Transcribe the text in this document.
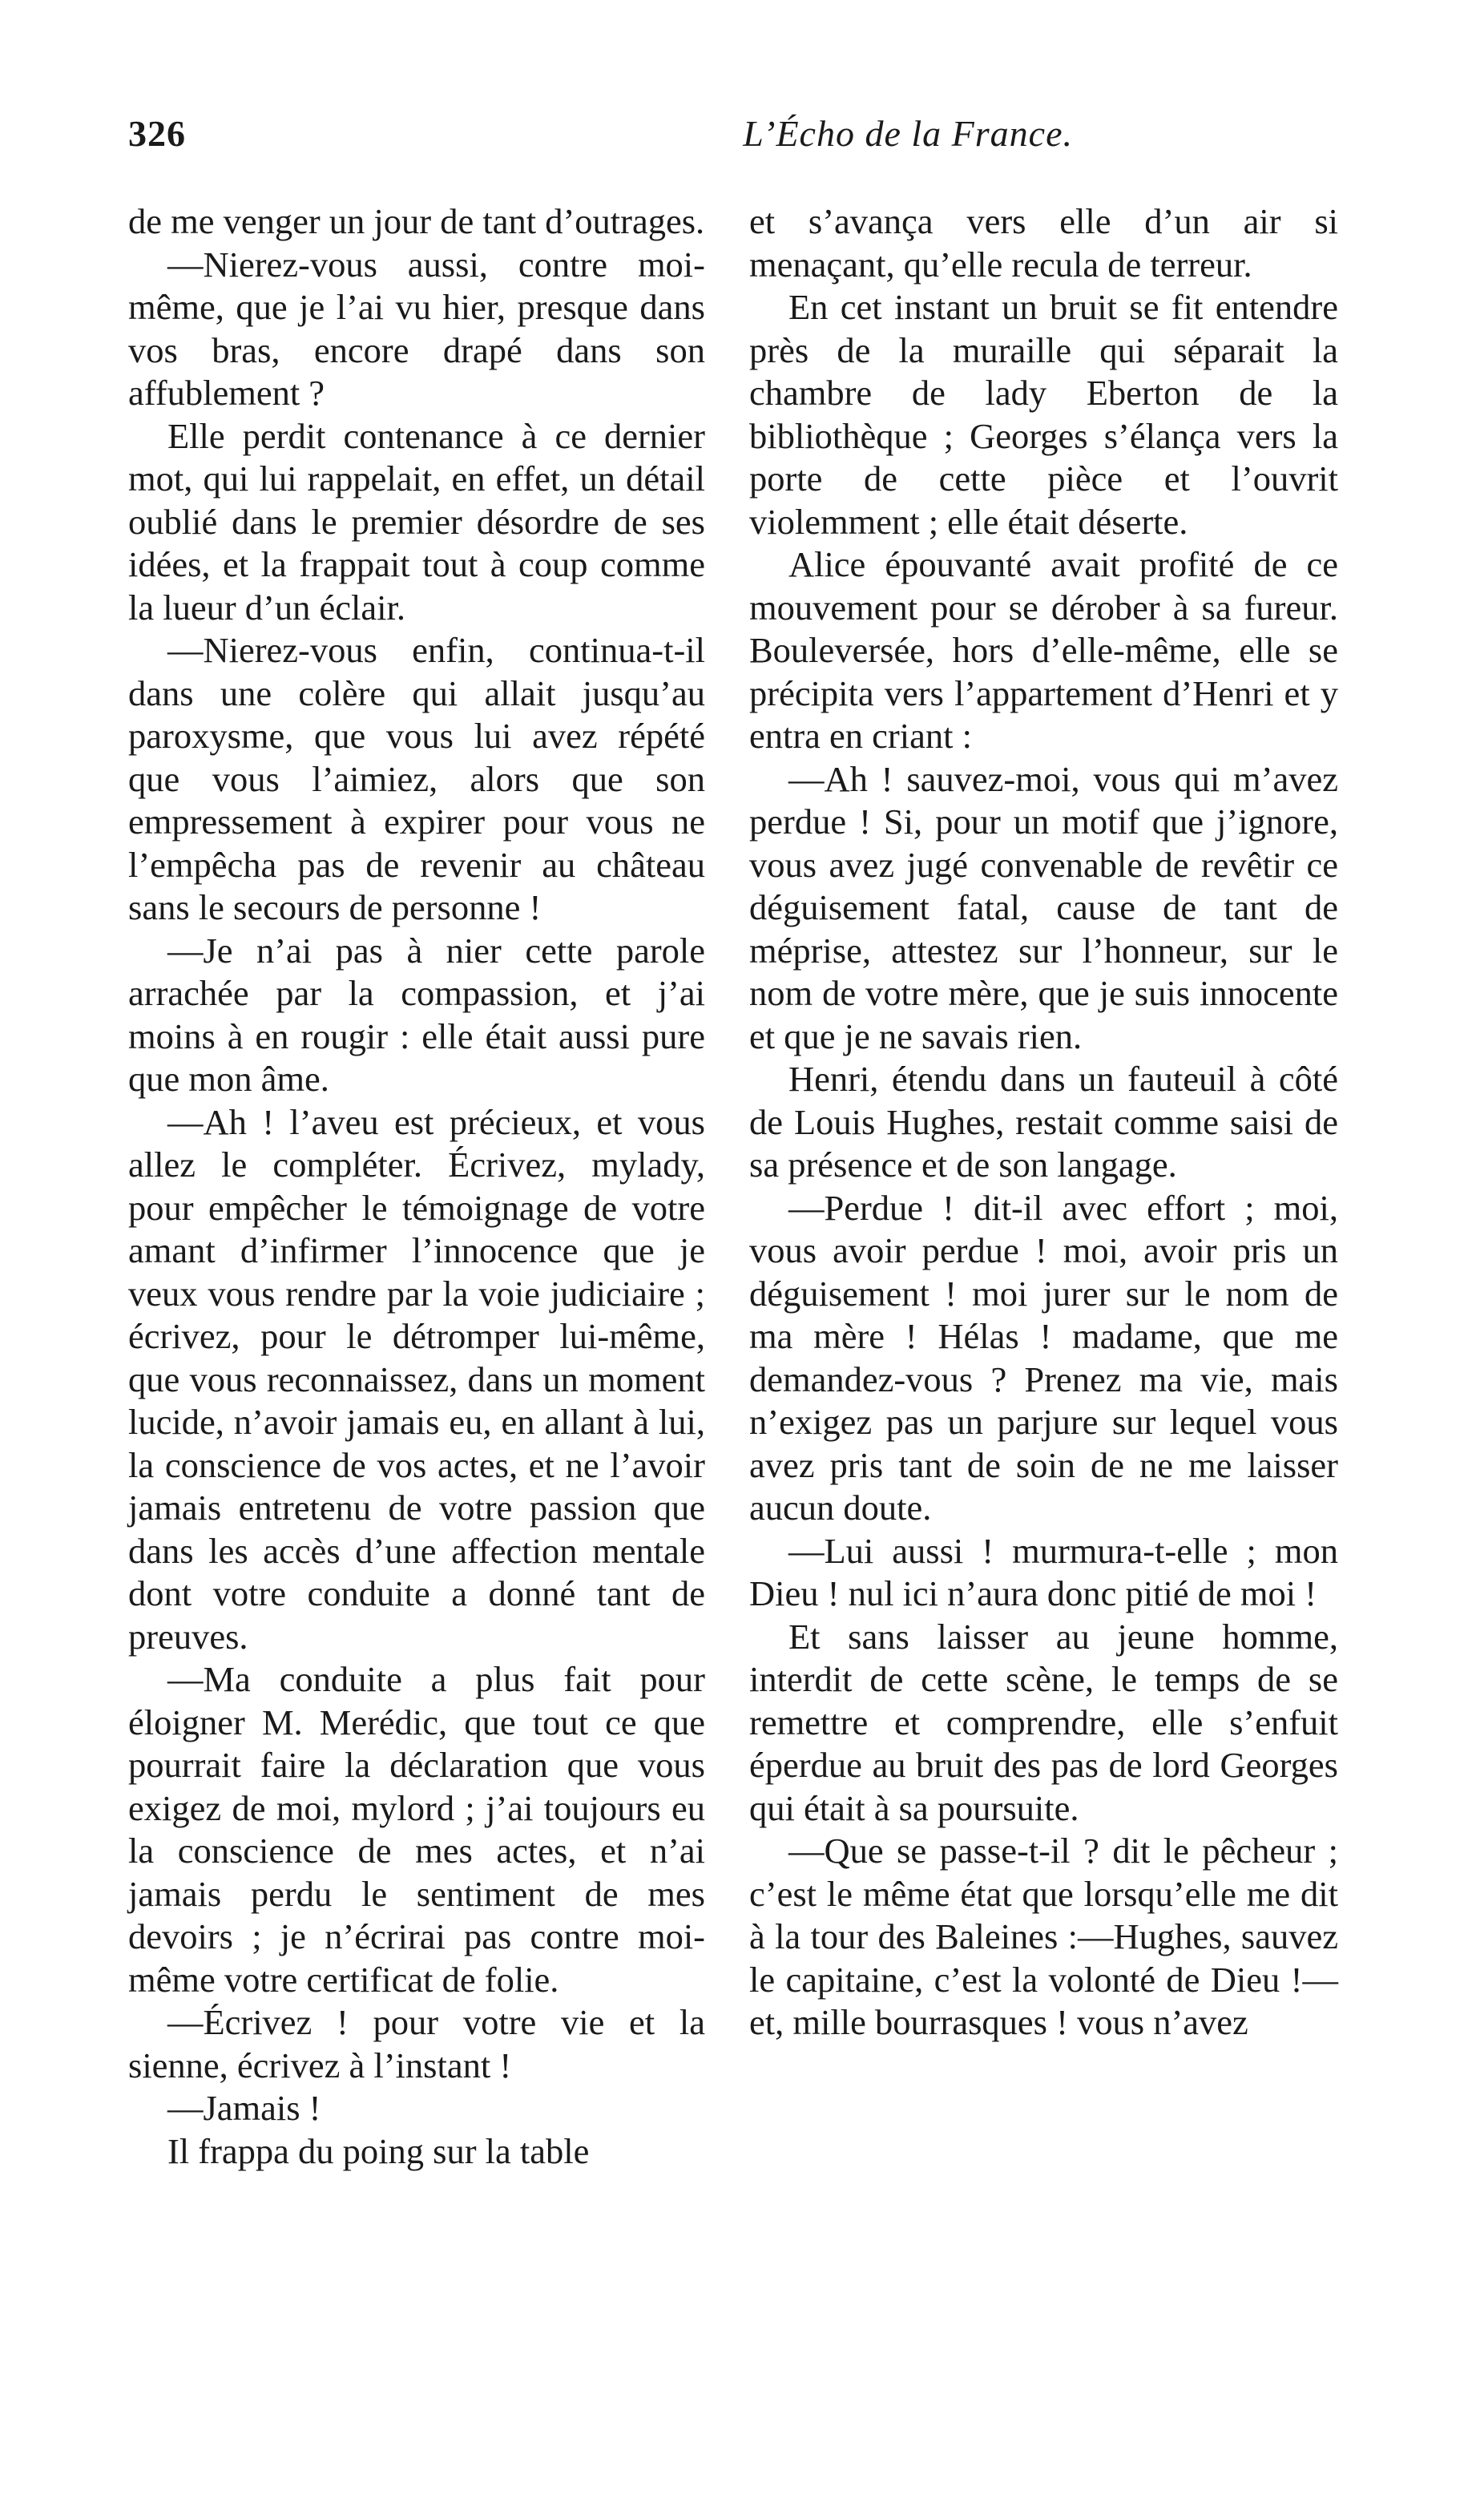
326	L’Écho de la France.

de me venger un jour de tant d’outrages.

—Nierez-vous aussi, contre moi-même, que je l’ai vu hier, presque dans vos bras, encore drapé dans son affublement ?

Elle perdit contenance à ce dernier mot, qui lui rappelait, en effet, un détail oublié dans le premier désordre de ses idées, et la frappait tout à coup comme la lueur d’un éclair.

—Nierez-vous enfin, continua-t-il dans une colère qui allait jusqu’au paroxysme, que vous lui avez répété que vous l’aimiez, alors que son empressement à expirer pour vous ne l’empêcha pas de revenir au château sans le secours de personne !

—Je n’ai pas à nier cette parole arrachée par la compassion, et j’ai moins à en rougir : elle était aussi pure que mon âme.

—Ah ! l’aveu est précieux, et vous allez le compléter. Écrivez, mylady, pour empêcher le témoignage de votre amant d’infirmer l’innocence que je veux vous rendre par la voie judiciaire ; écrivez, pour le détromper lui-même, que vous reconnaissez, dans un moment lucide, n’avoir jamais eu, en allant à lui, la conscience de vos actes, et ne l’avoir jamais entretenu de votre passion que dans les accès d’une affection mentale dont votre conduite a donné tant de preuves.

—Ma conduite a plus fait pour éloigner M. Merédic, que tout ce que pourrait faire la déclaration que vous exigez de moi, mylord ; j’ai toujours eu la conscience de mes actes, et n’ai jamais perdu le sentiment de mes devoirs ; je n’écrirai pas contre moi-même votre certificat de folie.

—Écrivez ! pour votre vie et la sienne, écrivez à l’instant !

—Jamais !

Il frappa du poing sur la table

et s’avança vers elle d’un air si menaçant, qu’elle recula de terreur.

En cet instant un bruit se fit entendre près de la muraille qui séparait la chambre de lady Eberton de la bibliothèque ; Georges s’élança vers la porte de cette pièce et l’ouvrit violemment ; elle était déserte.

Alice épouvanté avait profité de ce mouvement pour se dérober à sa fureur. Bouleversée, hors d’elle-même, elle se précipita vers l’appartement d’Henri et y entra en criant :

—Ah ! sauvez-moi, vous qui m’avez perdue ! Si, pour un motif que j’ignore, vous avez jugé convenable de revêtir ce déguisement fatal, cause de tant de méprise, attestez sur l’honneur, sur le nom de votre mère, que je suis innocente et que je ne savais rien.

Henri, étendu dans un fauteuil à côté de Louis Hughes, restait comme saisi de sa présence et de son langage.

—Perdue ! dit-il avec effort ; moi, vous avoir perdue ! moi, avoir pris un déguisement ! moi jurer sur le nom de ma mère ! Hélas ! madame, que me demandez-vous ? Prenez ma vie, mais n’exigez pas un parjure sur lequel vous avez pris tant de soin de ne me laisser aucun doute.

—Lui aussi ! murmura-t-elle ; mon Dieu ! nul ici n’aura donc pitié de moi !

Et sans laisser au jeune homme, interdit de cette scène, le temps de se remettre et comprendre, elle s’enfuit éperdue au bruit des pas de lord Georges qui était à sa poursuite.

—Que se passe-t-il ? dit le pêcheur ; c’est le même état que lorsqu’elle me dit à la tour des Baleines :—Hughes, sauvez le capitaine, c’est la volonté de Dieu !— et, mille bourrasques ! vous n’avez
